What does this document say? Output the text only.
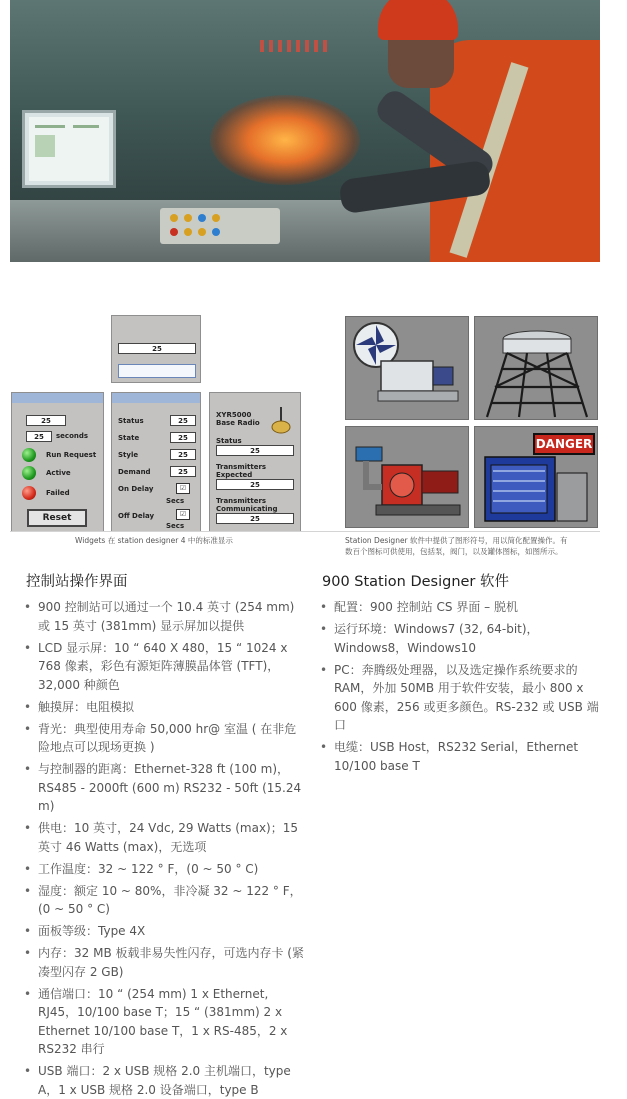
25
25
25	seconds
Run Request
Active
Failed
Reset
Status	25
State	25
Style	25
Demand	25
On Delay	☑
Secs
Off Delay	☑
Secs
XYR5000
Base Radio
Status
25
Transmitters
Expected
25
Transmitters
Communicating
25
DANGER
Widgets 在 station designer 4 中的标准显示	Station Designer 软件中提供了图形符号，用以简化配置操作。有
数百个图标可供使用，包括泵，阀门，以及罐体图标，如图所示。
控制站操作界面
• 900 控制站可以通过一个 10.4 英寸 (254 mm) 或 15 英寸 (381mm) 显示屏加以提供
• LCD 显示屏：10 “ 640 X 480，15 “ 1024 x 768 像素，彩色有源矩阵薄膜晶体管 (TFT)，32,000 种颜色
• 触摸屏：电阻模拟
• 背光：典型使用寿命 50,000 hr@ 室温 ( 在非危险地点可以现场更换 )
• 与控制器的距离：Ethernet-328 ft (100 m)，RS485 - 2000ft (600 m) RS232 - 50ft (15.24 m)
• 供电：10 英寸，24 Vdc, 29 Watts (max)；15 英寸 46 Watts (max)，无选项
• 工作温度：32 ~ 122 ° F，(0 ~ 50 ° C)
• 湿度：额定 10 ~ 80%，非冷凝 32 ~ 122 ° F，(0 ~ 50 ° C)
• 面板等级：Type 4X
• 内存：32 MB 板载非易失性闪存，可选内存卡 (紧凑型闪存 2 GB)
• 通信端口：10 “ (254 mm) 1 x Ethernet, RJ45，10/100 base T；15 “ (381mm) 2 x Ethernet 10/100 base T，1 x RS-485，2 x RS232 串行
• USB 端口：2 x USB 规格 2.0 主机端口，type A，1 x USB 规格 2.0 设备端口，type B
900 Station Designer 软件
• 配置：900 控制站 CS 界面 – 脱机
• 运行环境：Windows7 (32, 64-bit)，Windows8，Windows10
• PC：奔腾级处理器，以及选定操作系统要求的 RAM，外加 50MB 用于软件安装，最小 800 x 600 像素，256 或更多颜色。RS-232 或 USB 端口
• 电缆：USB Host，RS232 Serial，Ethernet 10/100 base T
